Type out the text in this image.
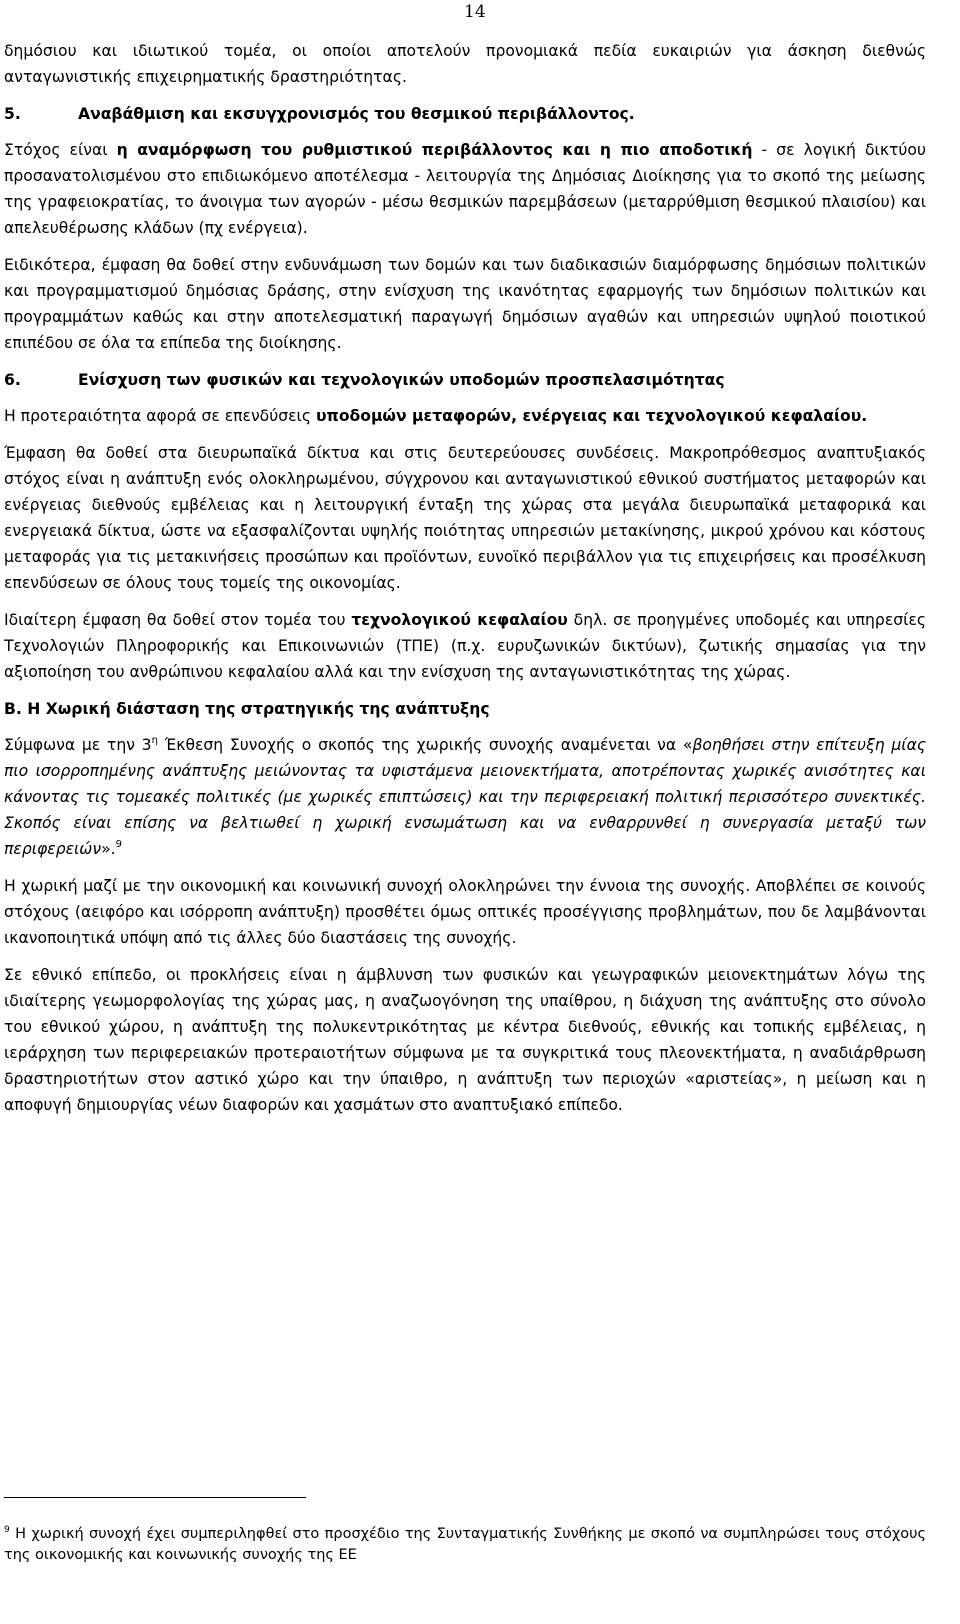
14

δημόσιου και ιδιωτικού τομέα, οι οποίοι αποτελούν προνομιακά πεδία ευκαιριών για άσκηση διεθνώς ανταγωνιστικής επιχειρηματικής δραστηριότητας.

5.	Αναβάθμιση και εκσυγχρονισμός του θεσμικού περιβάλλοντος.

Στόχος είναι η αναμόρφωση του ρυθμιστικού περιβάλλοντος και η πιο αποδοτική - σε λογική δικτύου προσανατολισμένου στο επιδιωκόμενο αποτέλεσμα - λειτουργία της Δημόσιας Διοίκησης για το σκοπό της μείωσης της γραφειοκρατίας, το άνοιγμα των αγορών - μέσω θεσμικών παρεμβάσεων (μεταρρύθμιση θεσμικού πλαισίου) και απελευθέρωσης κλάδων (πχ ενέργεια).

Ειδικότερα, έμφαση θα δοθεί στην ενδυνάμωση των δομών και των διαδικασιών διαμόρφωσης δημόσιων πολιτικών και προγραμματισμού δημόσιας δράσης, στην ενίσχυση της ικανότητας εφαρμογής των δημόσιων πολιτικών και προγραμμάτων καθώς και στην αποτελεσματική παραγωγή δημόσιων αγαθών και υπηρεσιών υψηλού ποιοτικού επιπέδου σε όλα τα επίπεδα της διοίκησης.

6.	Ενίσχυση των φυσικών και τεχνολογικών υποδομών προσπελασιμότητας

Η προτεραιότητα αφορά σε επενδύσεις υποδομών μεταφορών, ενέργειας και τεχνολογικού κεφαλαίου.

Έμφαση θα δοθεί στα διευρωπαϊκά δίκτυα και στις δευτερεύουσες συνδέσεις. Μακροπρόθεσμος αναπτυξιακός στόχος είναι η ανάπτυξη ενός ολοκληρωμένου, σύγχρονου και ανταγωνιστικού εθνικού συστήματος μεταφορών και ενέργειας διεθνούς εμβέλειας και η λειτουργική ένταξη της χώρας στα μεγάλα διευρωπαϊκά μεταφορικά και ενεργειακά δίκτυα, ώστε να εξασφαλίζονται υψηλής ποιότητας υπηρεσιών μετακίνησης, μικρού χρόνου και κόστους μεταφοράς για τις μετακινήσεις προσώπων και προϊόντων, ευνοϊκό περιβάλλον για τις επιχειρήσεις και προσέλκυση επενδύσεων σε όλους τους τομείς της οικονομίας.

Ιδιαίτερη έμφαση θα δοθεί στον τομέα του τεχνολογικού κεφαλαίου δηλ. σε προηγμένες υποδομές και υπηρεσίες Τεχνολογιών Πληροφορικής και Επικοινωνιών (ΤΠΕ) (π.χ. ευρυζωνικών δικτύων), ζωτικής σημασίας για την αξιοποίηση του ανθρώπινου κεφαλαίου αλλά και την ενίσχυση της ανταγωνιστικότητας της χώρας.

Β. Η Χωρική διάσταση της στρατηγικής της ανάπτυξης

Σύμφωνα με την $3^\eta$ Έκθεση Συνοχής ο σκοπός της χωρικής συνοχής αναμένεται να «βοηθήσει στην επίτευξη μίας πιο ισορροπημένης ανάπτυξης μειώνοντας τα υφιστάμενα μειονεκτήματα, αποτρέποντας χωρικές ανισότητες και κάνοντας τις τομεακές πολιτικές (με χωρικές επιπτώσεις) και την περιφερειακή πολιτική περισσότερο συνεκτικές. Σκοπός είναι επίσης να βελτιωθεί η χωρική ενσωμάτωση και να ενθαρρυνθεί η συνεργασία μεταξύ των περιφερειών».$^9$

Η χωρική μαζί με την οικονομική και κοινωνική συνοχή ολοκληρώνει την έννοια της συνοχής. Αποβλέπει σε κοινούς στόχους (αειφόρο και ισόρροπη ανάπτυξη) προσθέτει όμως οπτικές προσέγγισης προβλημάτων, που δε λαμβάνονται ικανοποιητικά υπόψη από τις άλλες δύο διαστάσεις της συνοχής.

Σε εθνικό επίπεδο, οι προκλήσεις είναι η άμβλυνση των φυσικών και γεωγραφικών μειονεκτημάτων λόγω της ιδιαίτερης γεωμορφολογίας της χώρας μας, η αναζωογόνηση της υπαίθρου, η διάχυση της ανάπτυξης στο σύνολο του εθνικού χώρου, η ανάπτυξη της πολυκεντρικότητας με κέντρα διεθνούς, εθνικής και τοπικής εμβέλειας, η ιεράρχηση των περιφερειακών προτεραιοτήτων σύμφωνα με τα συγκριτικά τους πλεονεκτήματα, η αναδιάρθρωση δραστηριοτήτων στον αστικό χώρο και την ύπαιθρο, η ανάπτυξη των περιοχών «αριστείας», η μείωση και η αποφυγή δημιουργίας νέων διαφορών και χασμάτων στο αναπτυξιακό επίπεδο.

$^9$ Η χωρική συνοχή έχει συμπεριληφθεί στο προσχέδιο της Συνταγματικής Συνθήκης με σκοπό να συμπληρώσει τους στόχους της οικονομικής και κοινωνικής συνοχής της ΕΕ
